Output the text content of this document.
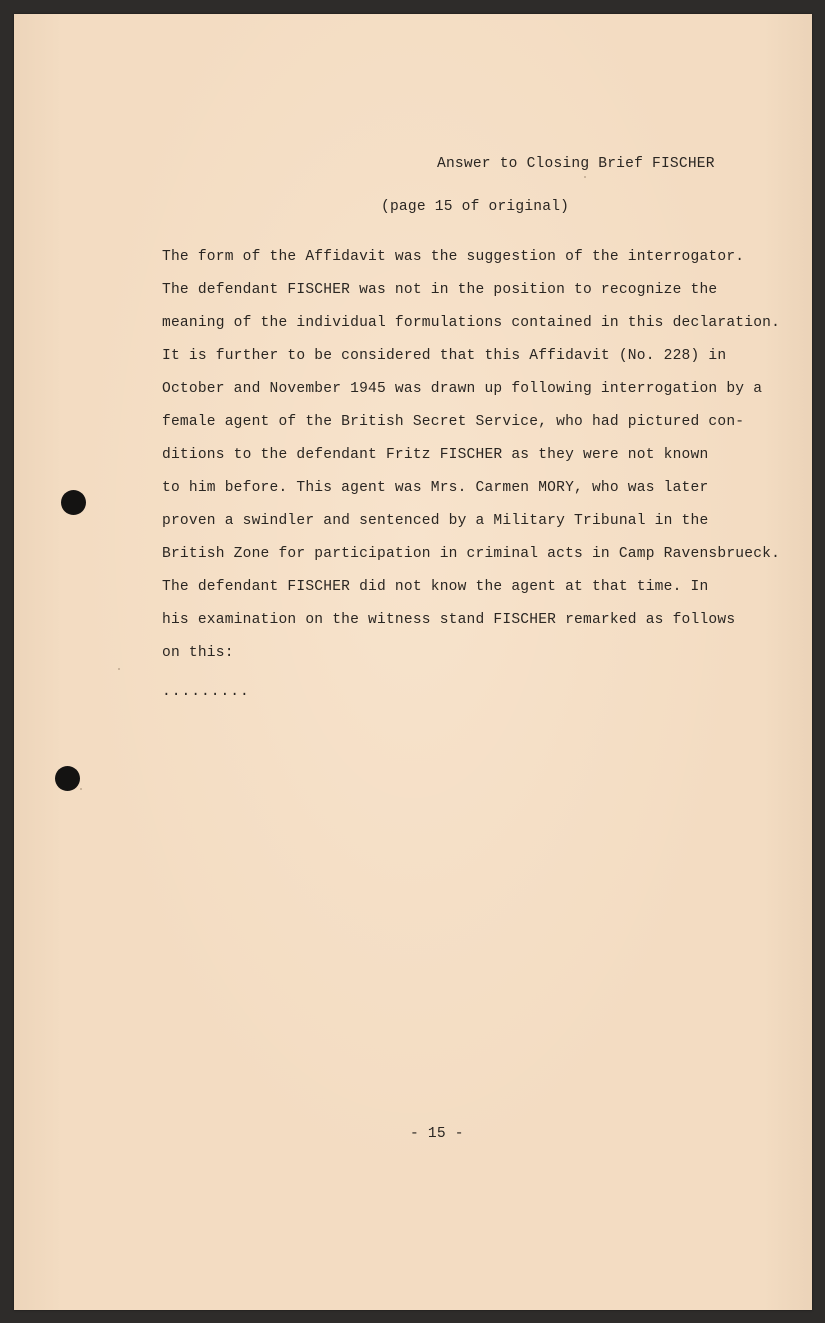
Answer to Closing Brief FISCHER
(page 15 of original)
The form of the Affidavit was the suggestion of the interrogator.
The defendant FISCHER was not in the position to recognize the
meaning of the individual formulations contained in this declaration.
It is further to be considered that this Affidavit (No. 228) in
October and November 1945 was drawn up following interrogation by a
female agent of the British Secret Service, who had pictured con-
ditions to the defendant Fritz FISCHER as they were not known
to him before. This agent was Mrs. Carmen MORY, who was later
proven a swindler and sentenced by a Military Tribunal in the
British Zone for participation in criminal acts in Camp Ravensbrueck.
The defendant FISCHER did not know the agent at that time. In
his examination on the witness stand FISCHER remarked as follows
on this:
.........
- 15 -
